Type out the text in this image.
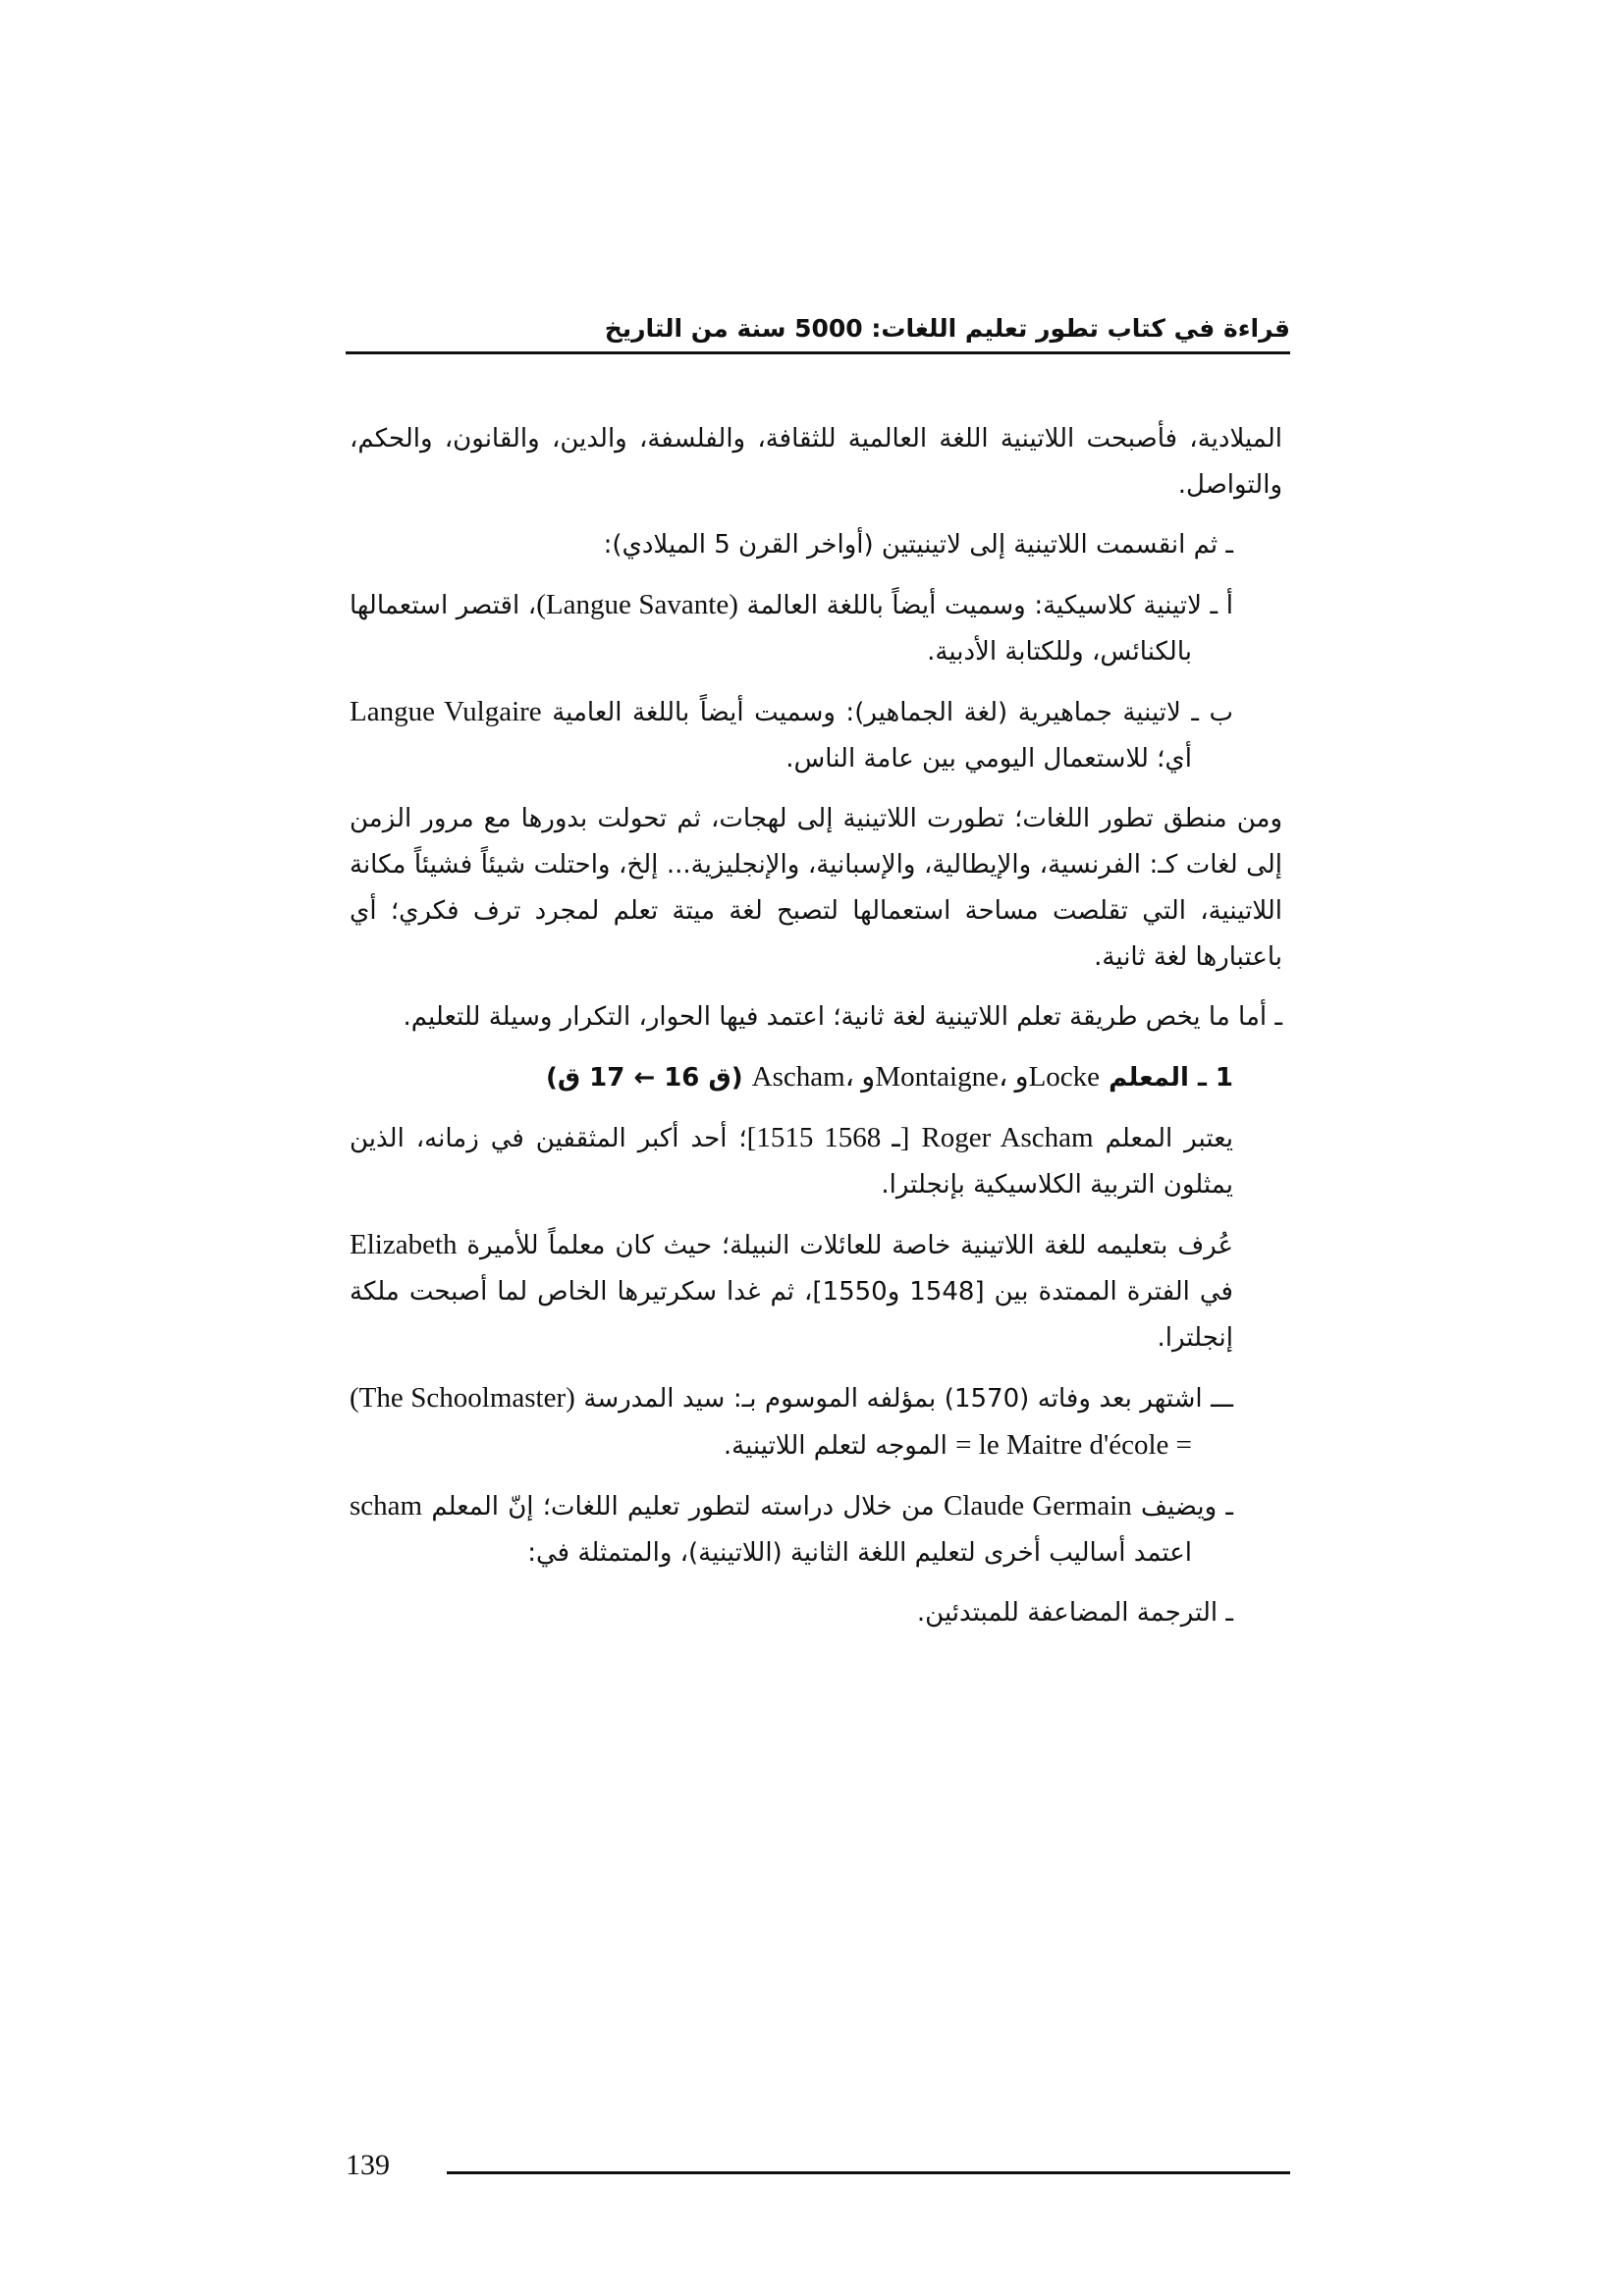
قراءة في كتاب تطور تعليم اللغات: 5000 سنة من التاريخ

الميلادية، فأصبحت اللاتينية اللغة العالمية للثقافة، والفلسفة، والدين، والقانون، والحكم، والتواصل.

ـ ثم انقسمت اللاتينية إلى لاتينيتين (أواخر القرن 5 الميلادي):

أ ـ لاتينية كلاسيكية: وسميت أيضاً باللغة العالمة (Langue Savante)، اقتصر استعمالها بالكنائس، وللكتابة الأدبية.

ب ـ لاتينية جماهيرية (لغة الجماهير): وسميت أيضاً باللغة العامية Langue Vulgaire أي؛ للاستعمال اليومي بين عامة الناس.

ومن منطق تطور اللغات؛ تطورت اللاتينية إلى لهجات، ثم تحولت بدورها مع مرور الزمن إلى لغات كـ: الفرنسية، والإيطالية، والإسبانية، والإنجليزية... إلخ، واحتلت شيئاً فشيئاً مكانة اللاتينية، التي تقلصت مساحة استعمالها لتصبح لغة ميتة تعلم لمجرد ترف فكري؛ أي باعتبارها لغة ثانية.

ـ أما ما يخص طريقة تعلم اللاتينية لغة ثانية؛ اعتمد فيها الحوار، التكرار وسيلة للتعليم.

1 ـ المعلم Ascham، وMontaigne، وLocke (ق 16 ← 17 ق)

يعتبر المعلم Roger Ascham [1515 ـ 1568]؛ أحد أكبر المثقفين في زمانه، الذين يمثلون التربية الكلاسيكية بإنجلترا.

عُرف بتعليمه للغة اللاتينية خاصة للعائلات النبيلة؛ حيث كان معلماً للأميرة Elizabeth في الفترة الممتدة بين [1548 و1550]، ثم غدا سكرتيرها الخاص لما أصبحت ملكة إنجلترا.

ـــ اشتهر بعد وفاته (1570) بمؤلفه الموسوم بـ: سيد المدرسة (The Schoolmaster) = le Maitre d'école = الموجه لتعلم اللاتينية.

ـ ويضيف Claude Germain من خلال دراسته لتطور تعليم اللغات؛ إنّ المعلم scham اعتمد أساليب أخرى لتعليم اللغة الثانية (اللاتينية)، والمتمثلة في:

ـ الترجمة المضاعفة للمبتدئين.

139
